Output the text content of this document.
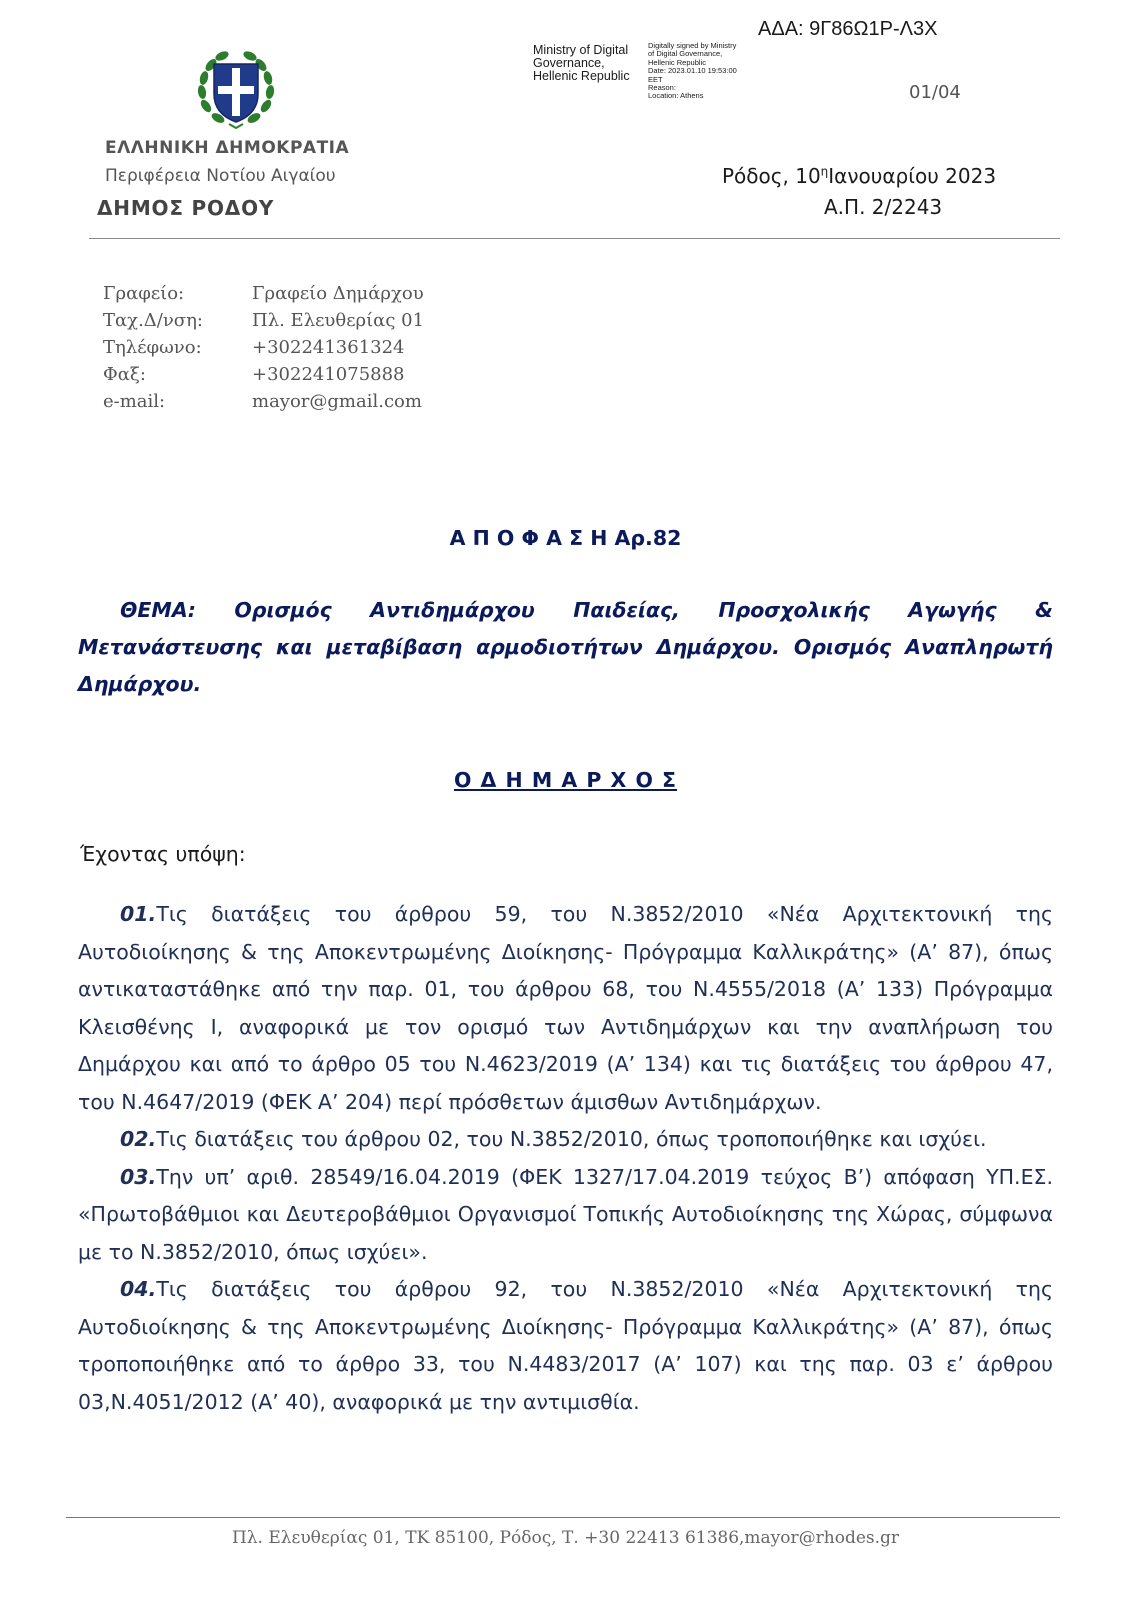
ΑΔΑ: 9Γ86Ω1Ρ-Λ3Χ
Ministry of Digital
Governance,
Hellenic Republic
Digitally signed by Ministry
of Digital Governance,
Hellenic Republic
Date: 2023.01.10 19:53:00
EET
Reason:
Location: Athens	01/04
ΕΛΛΗΝΙΚΗ ΔΗΜΟΚΡΑΤΙΑ
Περιφέρεια Νοτίου Αιγαίου
ΔΗΜΟΣ ΡΟΔΟΥ
Ρόδος, $10^\eta I\alpha\nu o\upsilon\alpha\rho ίo\upsilon$ 2023
Α.Π. 2/2243
Γραφείο:	Γραφείο Δημάρχου
Ταχ.Δ/νση:	Πλ. Ελευθερίας 01
Τηλέφωνο:	+302241361324
Φαξ:	+302241075888
e-mail:	mayor@gmail.com
Α Π Ο Φ Α Σ Η Αρ.82
ΘΕΜΑ: Ορισμός Αντιδημάρχου Παιδείας, Προσχολικής Αγωγής & Μετανάστευσης και μεταβίβαση αρμοδιοτήτων Δημάρχου. Ορισμός Αναπληρωτή Δημάρχου.
Ο Δ Η Μ Α Ρ Χ Ο Σ
Έχοντας υπόψη:

01.Τις διατάξεις του άρθρου 59, του Ν.3852/2010 «Νέα Αρχιτεκτονική της Αυτοδιοίκησης & της Αποκεντρωμένης Διοίκησης- Πρόγραμμα Καλλικράτης» (Α’ 87), όπως αντικαταστάθηκε από την παρ. 01, του άρθρου 68, του Ν.4555/2018 (Α’ 133) Πρόγραμμα Κλεισθένης Ι, αναφορικά με τον ορισμό των Αντιδημάρχων και την αναπλήρωση του Δημάρχου και από το άρθρο 05 του Ν.4623/2019 (Α’ 134) και τις διατάξεις του άρθρου 47, του Ν.4647/2019 (ΦΕΚ Α’ 204) περί πρόσθετων άμισθων Αντιδημάρχων.

02.Τις διατάξεις του άρθρου 02, του Ν.3852/2010, όπως τροποποιήθηκε και ισχύει.

03.Την υπ’ αριθ. 28549/16.04.2019 (ΦΕΚ 1327/17.04.2019 τεύχος Β’) απόφαση ΥΠ.ΕΣ. «Πρωτοβάθμιοι και Δευτεροβάθμιοι Οργανισμοί Τοπικής Αυτοδιοίκησης της Χώρας, σύμφωνα με το Ν.3852/2010, όπως ισχύει».

04.Τις διατάξεις του άρθρου 92, του Ν.3852/2010 «Νέα Αρχιτεκτονική της Αυτοδιοίκησης & της Αποκεντρωμένης Διοίκησης- Πρόγραμμα Καλλικράτης» (Α’ 87), όπως τροποποιήθηκε από το άρθρο 33, του Ν.4483/2017 (Α’ 107) και της παρ. 03 ε’ άρθρου 03,Ν.4051/2012 (Α’ 40), αναφορικά με την αντιμισθία.

Πλ. Ελευθερίας 01, ΤΚ 85100, Ρόδος, Τ. +30 22413 61386,mayor@rhodes.gr
